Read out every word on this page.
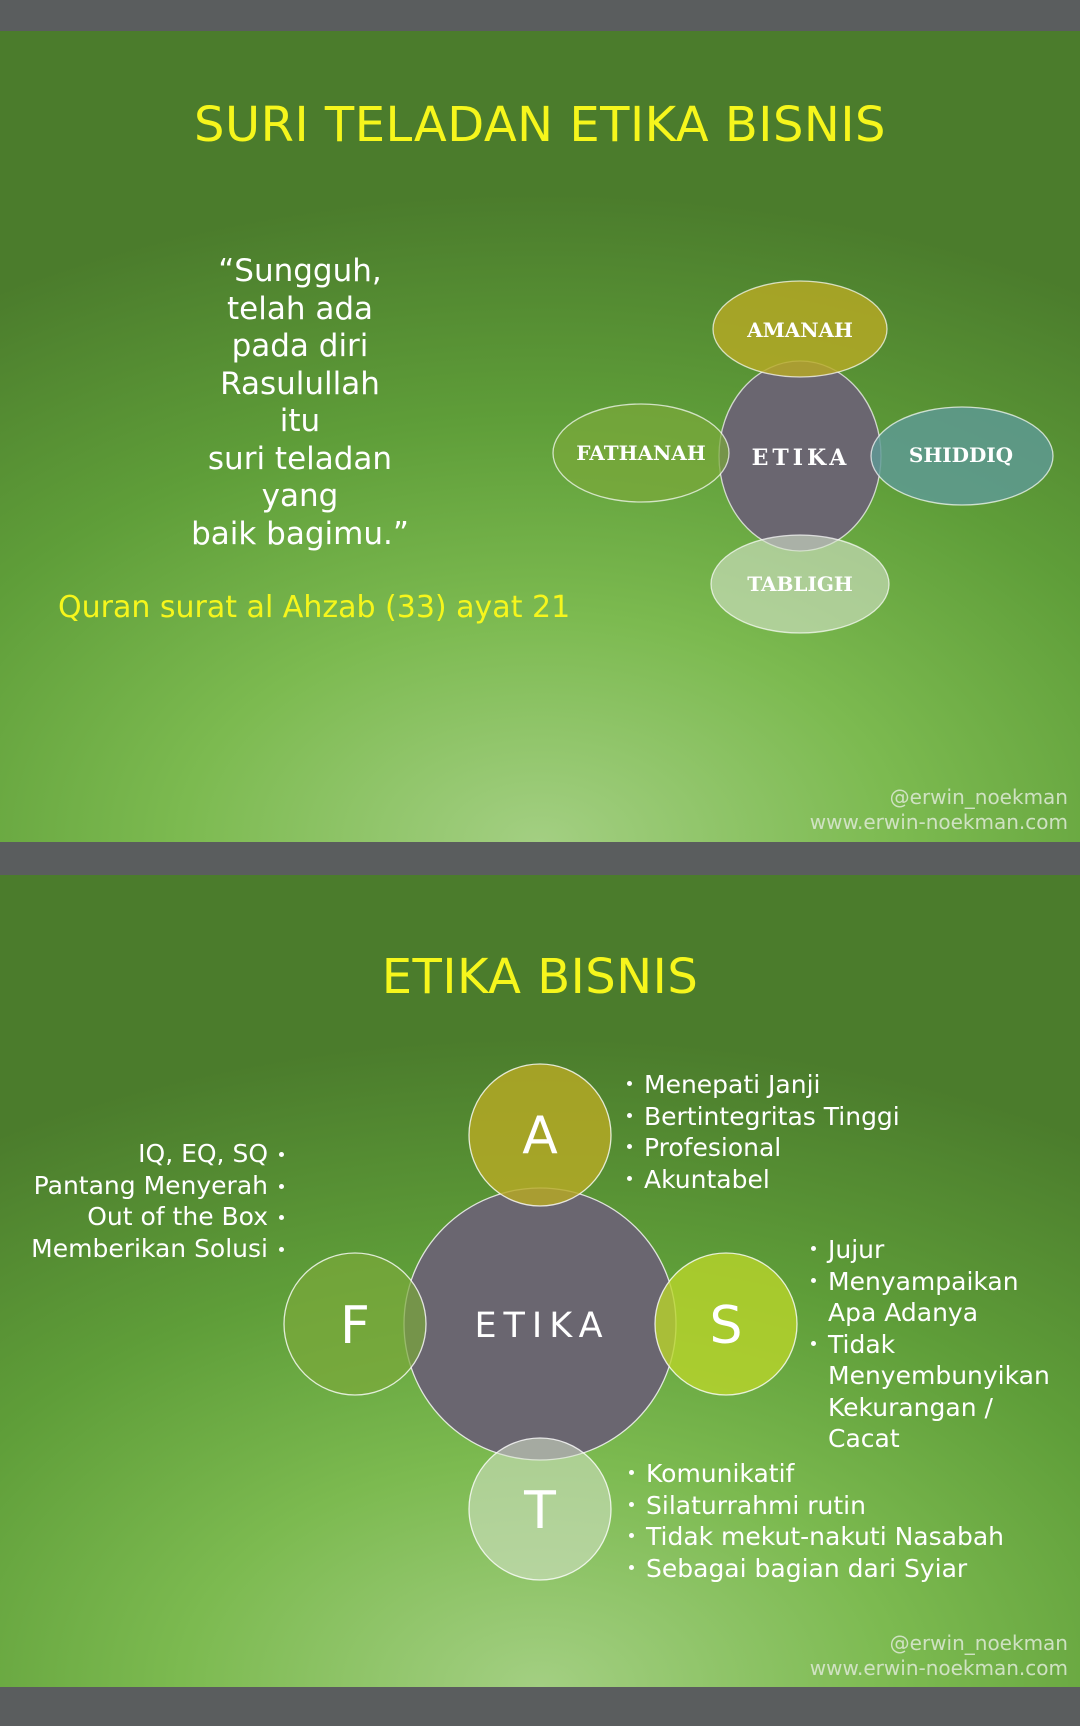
SURI TELADAN ETIKA BISNIS
“Sungguh,
telah ada
pada diri
Rasulullah
itu
suri teladan
yang
baik bagimu.”
Quran surat al Ahzab (33) ayat 21
ETIKA
AMANAH
FATHANAH	SHIDDIQ
TABLIGH
@erwin_noekman
www.erwin-noekman.com
ETIKA BISNIS
ETIKA
A
F	S
T
Menepati Janji
Bertintegritas Tinggi
Profesional
Akuntabel
Jujur
Menyampaikan Apa Adanya
Tidak Menyembunyikan Kekurangan / Cacat
IQ, EQ, SQ
Pantang Menyerah
Out of the Box
Memberikan Solusi
Komunikatif
Silaturrahmi rutin
Tidak mekut-nakuti Nasabah
Sebagai bagian dari Syiar
@erwin_noekman
www.erwin-noekman.com
